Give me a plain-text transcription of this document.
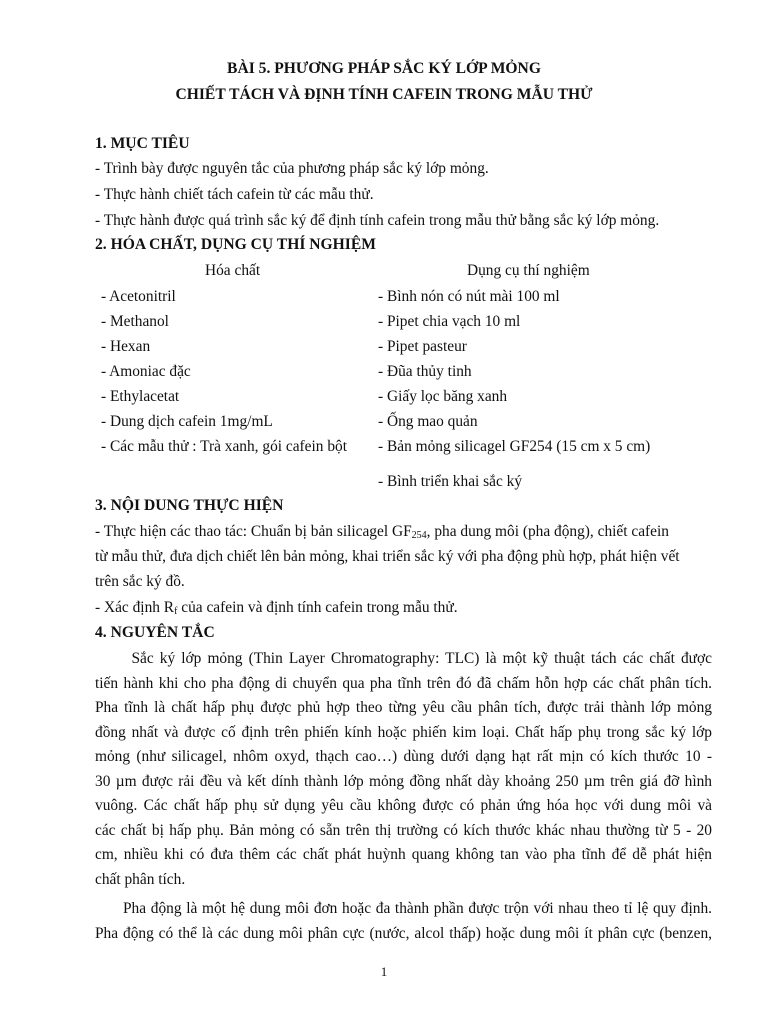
BÀI 5. PHƯƠNG PHÁP SẮC KÝ LỚP MỎNG
CHIẾT TÁCH VÀ ĐỊNH TÍNH CAFEIN TRONG MẪU THỬ
1. MỤC TIÊU
- Trình bày được nguyên tắc của phương pháp sắc ký lớp mỏng.
- Thực hành chiết tách cafein từ các mẫu thử.
- Thực hành được quá trình sắc ký để định tính cafein trong mẫu thử bằng sắc ký lớp mỏng.
2. HÓA CHẤT, DỤNG CỤ THÍ NGHIỆM
Hóa chất	Dụng cụ thí nghiệm
- Acetonitril
- Methanol
- Hexan
- Amoniac đặc
- Ethylacetat
- Dung dịch cafein 1mg/mL
- Các mẫu thử : Trà xanh, gói cafein bột
- Bình nón có nút mài 100 ml
- Pipet chia vạch 10 ml
- Pipet pasteur
- Đũa thủy tinh
- Giấy lọc băng xanh
- Ống mao quản
- Bản mỏng silicagel GF254 (15 cm x 5 cm)
- Bình triển khai sắc ký
3. NỘI DUNG THỰC HIỆN
- Thực hiện các thao tác: Chuẩn bị bản silicagel $GF_{254}$, pha dung môi (pha động), chiết cafein
từ mẫu thử, đưa dịch chiết lên bản mỏng, khai triển sắc ký với pha động phù hợp, phát hiện vết
trên sắc ký đồ.
- Xác định $R_f$ của cafein và định tính cafein trong mẫu thử.
4. NGUYÊN TẮC
Sắc ký lớp mỏng (Thin Layer Chromatography: TLC) là một kỹ thuật tách các chất được
tiến hành khi cho pha động di chuyển qua pha tĩnh trên đó đã chấm hỗn hợp các chất phân tích.
Pha tĩnh là chất hấp phụ được phủ hợp theo từng yêu cầu phân tích, được trải thành lớp mỏng
đồng nhất và được cố định trên phiến kính hoặc phiến kim loại. Chất hấp phụ trong sắc ký lớp
mỏng (như silicagel, nhôm oxyd, thạch cao…) dùng dưới dạng hạt rất mịn có kích thước 10 -
30 µm được rải đều và kết dính thành lớp mỏng đồng nhất dày khoảng 250 µm trên giá đỡ hình
vuông. Các chất hấp phụ sử dụng yêu cầu không được có phản ứng hóa học với dung môi và
các chất bị hấp phụ. Bản mỏng có sẵn trên thị trường có kích thước khác nhau thường từ 5 - 20
cm, nhiều khi có đưa thêm các chất phát huỳnh quang không tan vào pha tĩnh để dễ phát hiện
chất phân tích.
Pha động là một hệ dung môi đơn hoặc đa thành phần được trộn với nhau theo tỉ lệ quy định.
Pha động có thể là các dung môi phân cực (nước, alcol thấp) hoặc dung môi ít phân cực (benzen,
1
